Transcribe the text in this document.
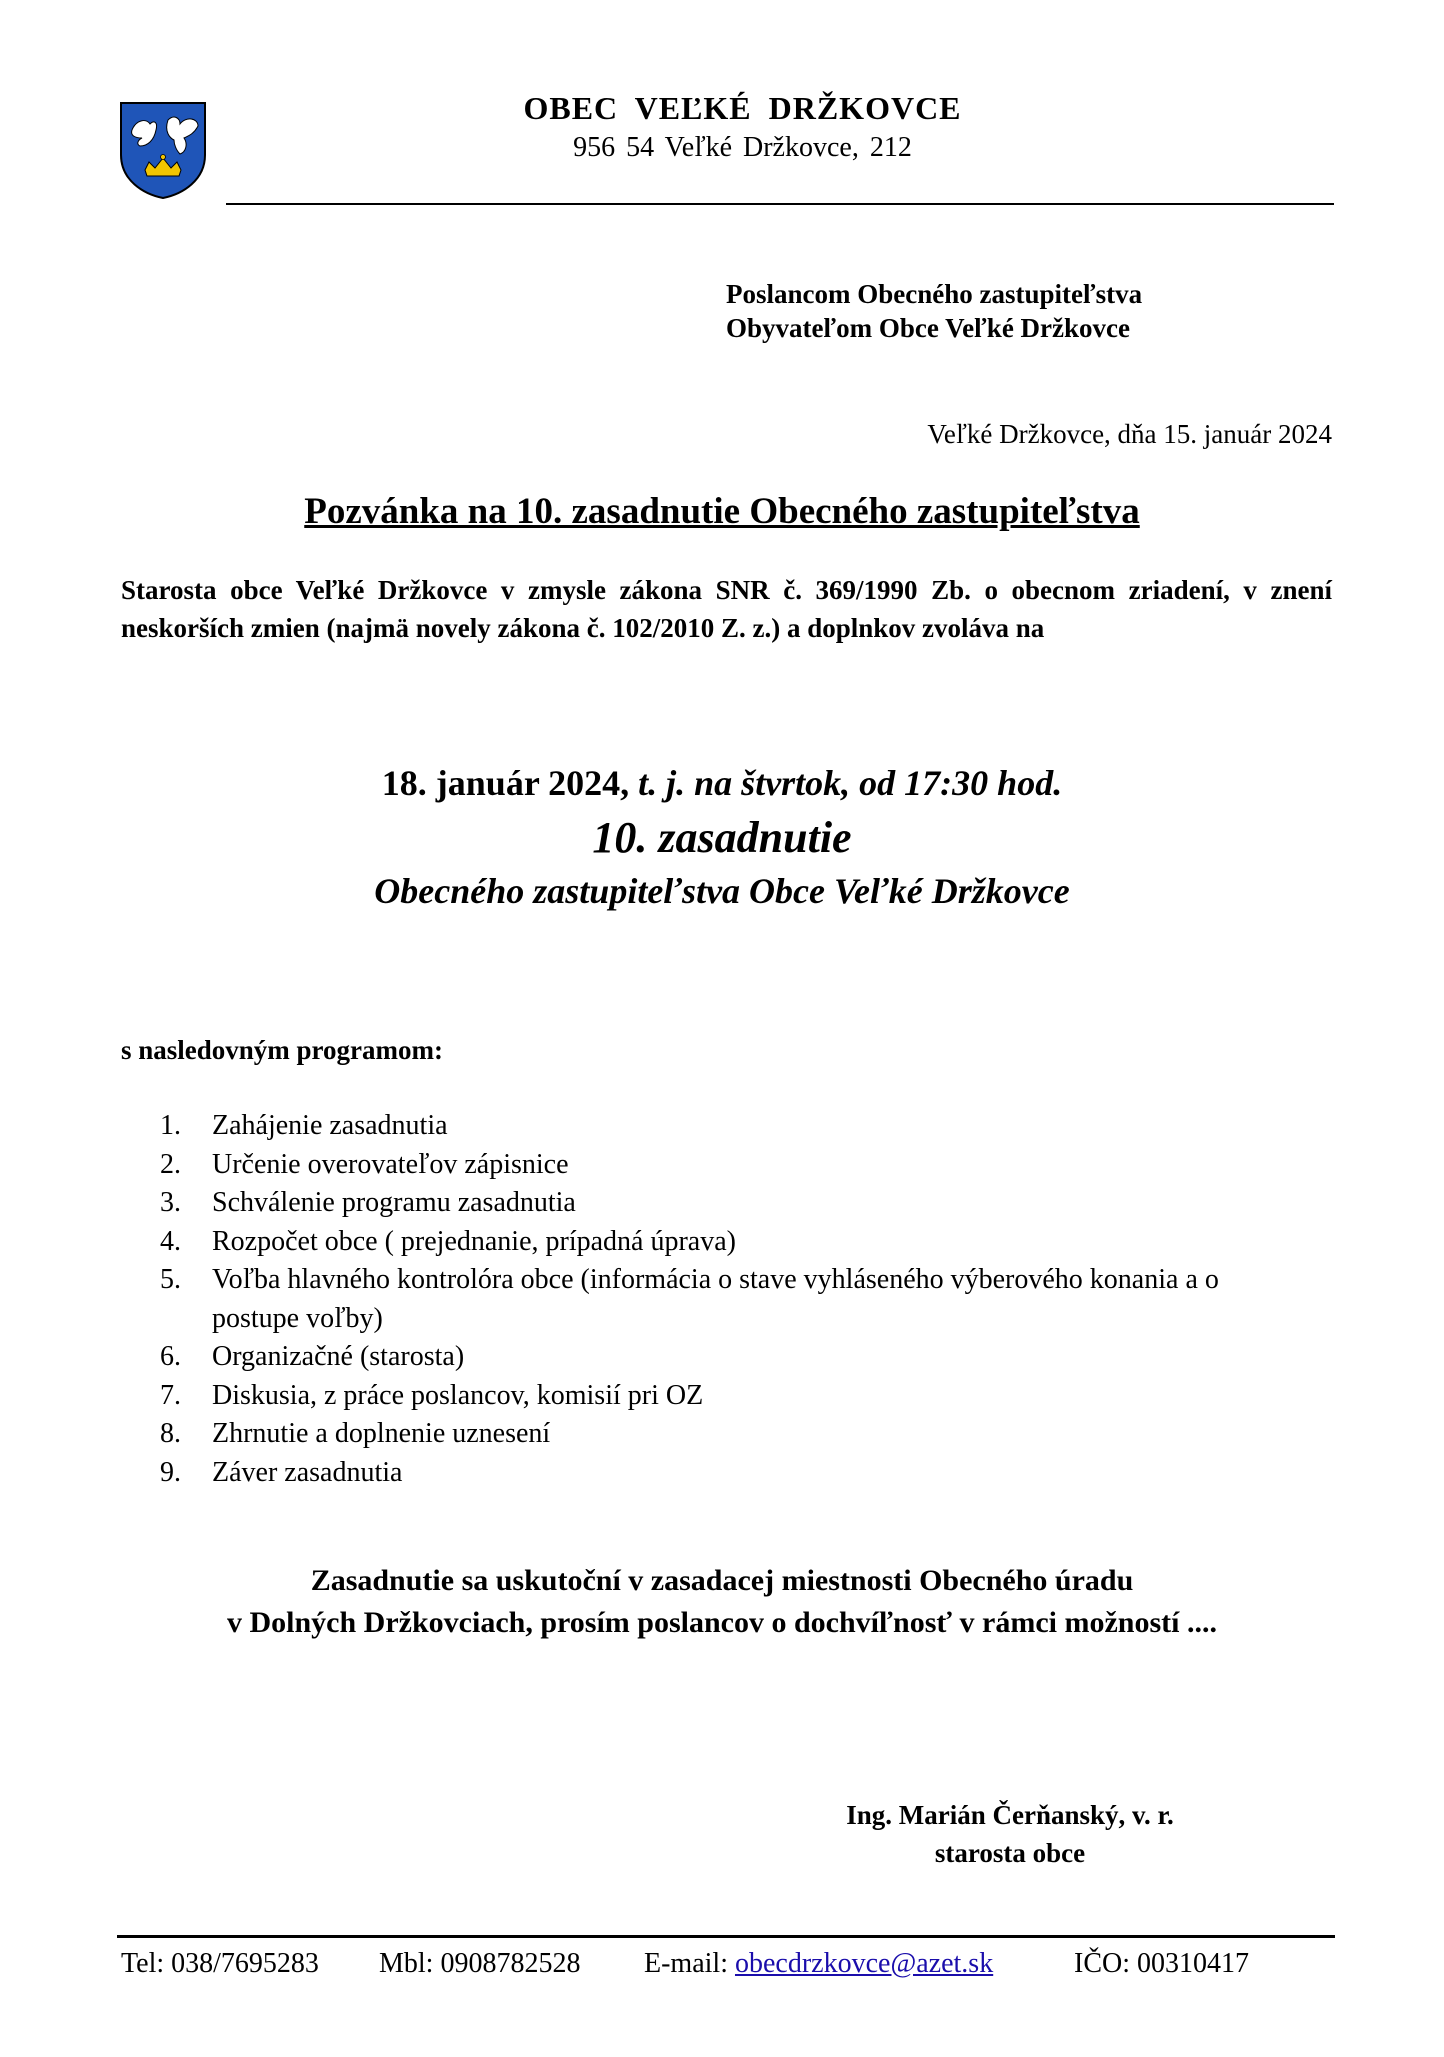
OBEC VEĽKÉ DRŽKOVCE
956 54 Veľké Držkovce, 212
Poslancom Obecného zastupiteľstva
Obyvateľom Obce Veľké Držkovce
Veľké Držkovce, dňa 15. január 2024
Pozvánka na 10. zasadnutie Obecného zastupiteľstva
Starosta obce Veľké Držkovce v zmysle zákona SNR č. 369/1990 Zb. o obecnom zriadení, v znení neskorších zmien (najmä novely zákona č. 102/2010 Z. z.) a doplnkov zvoláva na
18. január 2024, t. j. na štvrtok, od 17:30 hod.
10. zasadnutie
Obecného zastupiteľstva Obce Veľké Držkovce
s nasledovným programom:
1.	Zahájenie zasadnutia
2.	Určenie overovateľov zápisnice
3.	Schválenie programu zasadnutia
4.	Rozpočet obce ( prejednanie, prípadná úprava)
5.	Voľba hlavného kontrolóra obce (informácia o stave vyhláseného výberového konania a o postupe voľby)
6.	Organizačné (starosta)
7.	Diskusia, z práce poslancov, komisií pri OZ
8.	Zhrnutie a doplnenie uznesení
9.	Záver zasadnutia
Zasadnutie sa uskutoční v zasadacej miestnosti Obecného úradu
v Dolných Držkovciach, prosím poslancov o dochvíľnosť v rámci možností ....
Ing. Marián Čerňanský, v. r.
starosta obce
Tel: 038/7695283	Mbl: 0908782528	E-mail: obecdrzkovce@azet.sk	IČO: 00310417
